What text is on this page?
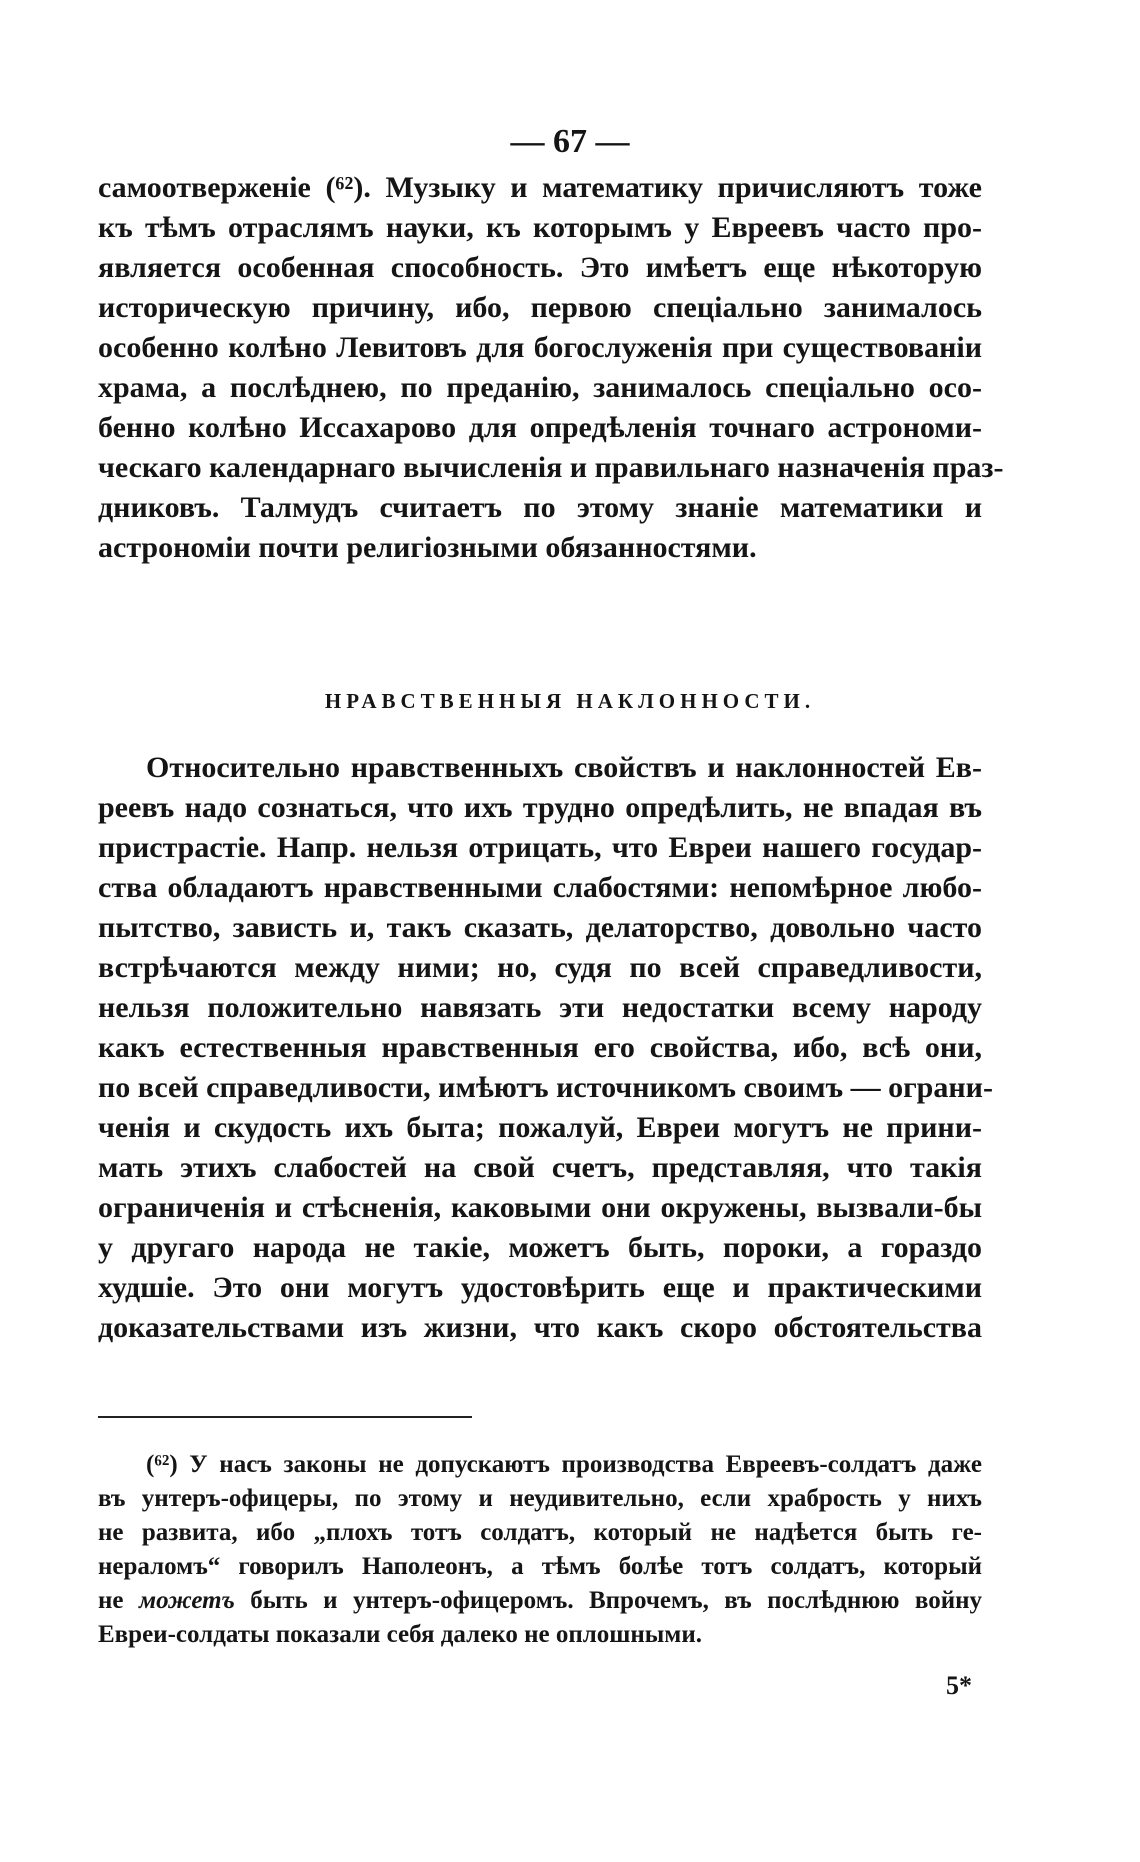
— 67 —
самоотверженіе (⁶²). Музыку и математику причисляютъ тоже
къ тѣмъ отраслямъ науки, къ которымъ у Евреевъ часто про-
является особенная способность. Это имѣетъ еще нѣкоторую
историческую причину, ибо, первою спеціально занималось
особенно колѣно Левитовъ для богослуженія при существованіи
храма, а послѣднею, по преданію, занималось спеціально осо-
бенно колѣно Иссахарово для опредѣленія точнаго астрономи-
ческаго календарнаго вычисленія и правильнаго назначенія праз-
дниковъ. Талмудъ считаетъ по этому знаніе математики и
астрономіи почти религіозными обязанностями.
НРАВСТВЕННЫЯ НАКЛОННОСТИ.
Относительно нравственныхъ свойствъ и наклонностей Ев-
реевъ надо сознаться, что ихъ трудно опредѣлить, не впадая въ
пристрастіе. Напр. нельзя отрицать, что Евреи нашего государ-
ства обладаютъ нравственными слабостями: непомѣрное любо-
пытство, зависть и, такъ сказать, делаторство, довольно часто
встрѣчаются между ними; но, судя по всей справедливости,
нельзя положительно навязать эти недостатки всему народу
какъ естественныя нравственныя его свойства, ибо, всѣ они,
по всей справедливости, имѣютъ источникомъ своимъ — ограни-
ченія и скудость ихъ быта; пожалуй, Евреи могутъ не прини-
мать этихъ слабостей на свой счетъ, представляя, что такія
ограниченія и стѣсненія, каковыми они окружены, вызвали-бы
у другаго народа не такіе, можетъ быть, пороки, а гораздо
худшіе. Это они могутъ удостовѣрить еще и практическими
доказательствами изъ жизни, что какъ скоро обстоятельства
(⁶²) У насъ законы не допускаютъ производства Евреевъ-солдатъ даже
въ унтеръ-офицеры, по этому и неудивительно, если храбрость у нихъ
не развита, ибо „плохъ тотъ солдатъ, который не надѣется быть ге-
нераломъ“ говорилъ Наполеонъ, а тѣмъ болѣе тотъ солдатъ, который
не можетъ быть и унтеръ-офицеромъ. Впрочемъ, въ послѣднюю войну
Евреи-солдаты показали себя далеко не оплошными.
5*
